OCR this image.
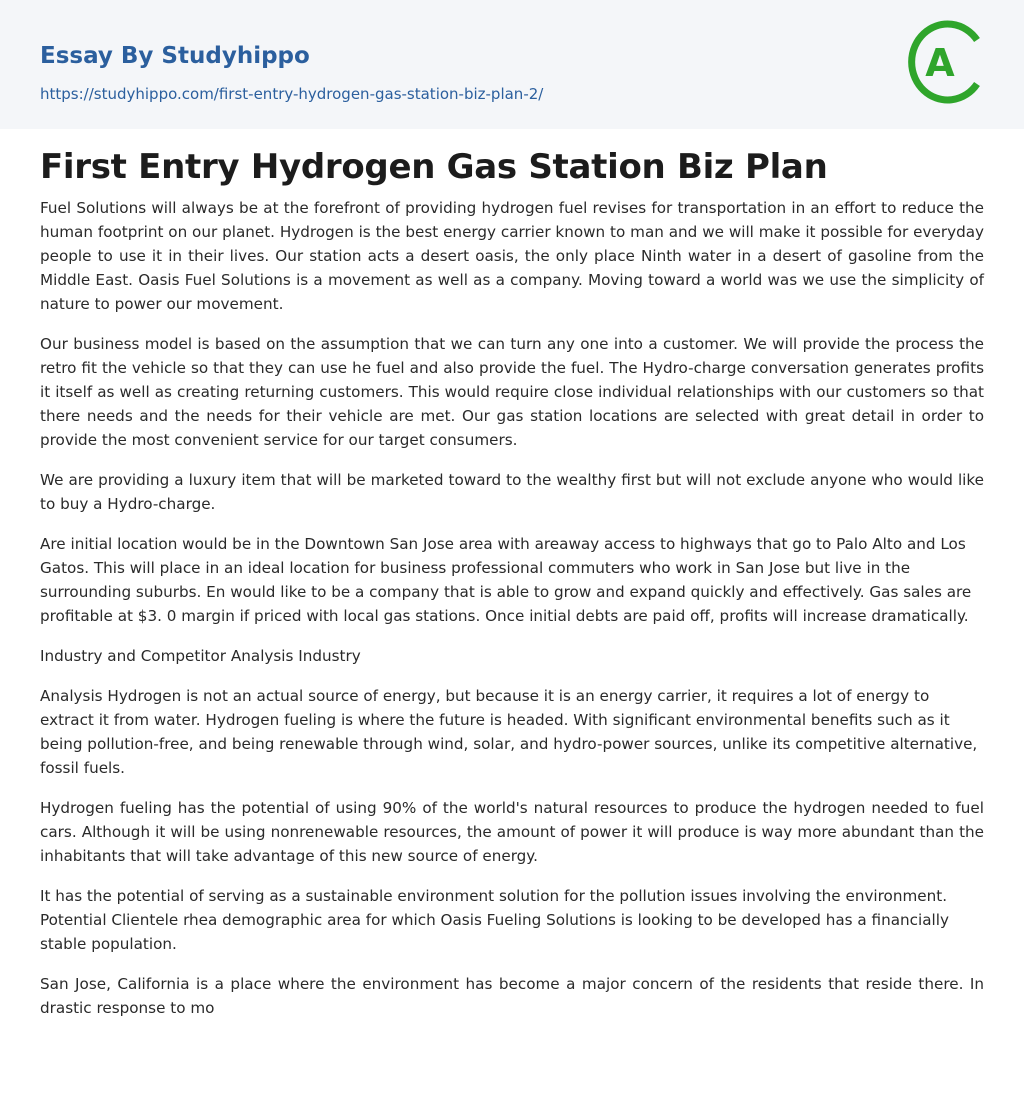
Essay By Studyhippo
https://studyhippo.com/first-entry-hydrogen-gas-station-biz-plan-2/
A
First Entry Hydrogen Gas Station Biz Plan

Fuel Solutions will always be at the forefront of providing hydrogen fuel revises for transportation in an effort to reduce the human footprint on our planet. Hydrogen is the best energy carrier known to man and we will make it possible for everyday people to use it in their lives. Our station acts a desert oasis, the only place Ninth water in a desert of gasoline from the Middle East. Oasis Fuel Solutions is a movement as well as a company. Moving toward a world was we use the simplicity of nature to power our movement.

Our business model is based on the assumption that we can turn any one into a customer. We will provide the process the retro fit the vehicle so that they can use he fuel and also provide the fuel. The Hydro-charge conversation generates profits it itself as well as creating returning customers. This would require close individual relationships with our customers so that there needs and the needs for their vehicle are met. Our gas station locations are selected with great detail in order to provide the most convenient service for our target consumers.

We are providing a luxury item that will be marketed toward to the wealthy first but will not exclude anyone who would like to buy a Hydro-charge.

Are initial location would be in the Downtown San Jose area with areaway access to highways that go to Palo Alto and Los Gatos. This will place in an ideal location for business professional commuters who work in San Jose but live in the surrounding suburbs. En would like to be a company that is able to grow and expand quickly and effectively. Gas sales are profitable at $3. 0 margin if priced with local gas stations. Once initial debts are paid off, profits will increase dramatically.

Industry and Competitor Analysis Industry

Analysis Hydrogen is not an actual source of energy, but because it is an energy carrier, it requires a lot of energy to extract it from water. Hydrogen fueling is where the future is headed. With significant environmental benefits such as it being pollution-free, and being renewable through wind, solar, and hydro-power sources, unlike its competitive alternative, fossil fuels.

Hydrogen fueling has the potential of using 90% of the world's natural resources to produce the hydrogen needed to fuel cars. Although it will be using nonrenewable resources, the amount of power it will produce is way more abundant than the inhabitants that will take advantage of this new source of energy.

It has the potential of serving as a sustainable environment solution for the pollution issues involving the environment. Potential Clientele rhea demographic area for which Oasis Fueling Solutions is looking to be developed has a financially stable population.

San Jose, California is a place where the environment has become a major concern of the residents that reside there. In drastic response to mo
